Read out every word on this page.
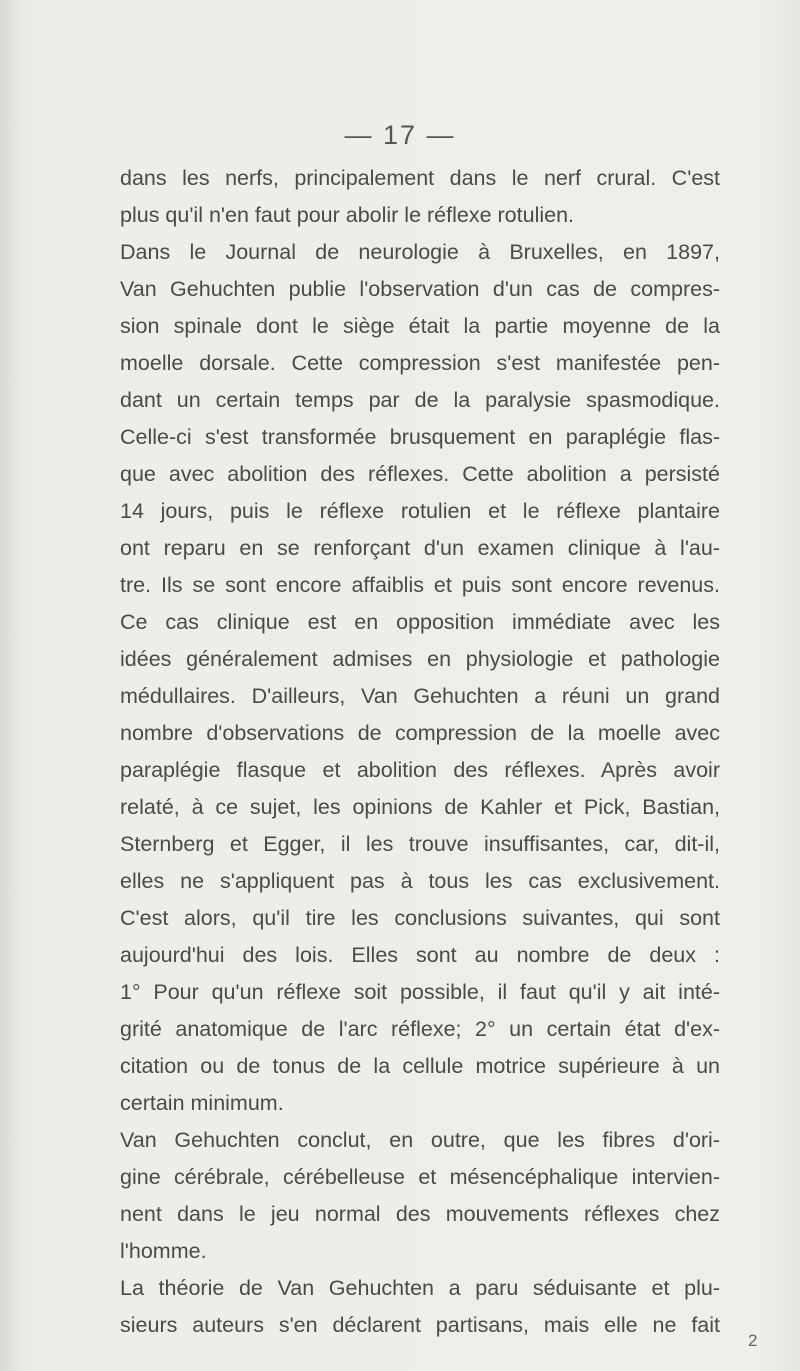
— 17 —
dans les nerfs, principalement dans le nerf crural. C'est
plus qu'il n'en faut pour abolir le réflexe rotulien.
Dans le Journal de neurologie à Bruxelles, en 1897,
Van Gehuchten publie l'observation d'un cas de compres-
sion spinale dont le siège était la partie moyenne de la
moelle dorsale. Cette compression s'est manifestée pen-
dant un certain temps par de la paralysie spasmodique.
Celle-ci s'est transformée brusquement en paraplégie flas-
que avec abolition des réflexes. Cette abolition a persisté
14 jours, puis le réflexe rotulien et le réflexe plantaire
ont reparu en se renforçant d'un examen clinique à l'au-
tre. Ils se sont encore affaiblis et puis sont encore revenus.
Ce cas clinique est en opposition immédiate avec les
idées généralement admises en physiologie et pathologie
médullaires. D'ailleurs, Van Gehuchten a réuni un grand
nombre d'observations de compression de la moelle avec
paraplégie flasque et abolition des réflexes. Après avoir
relaté, à ce sujet, les opinions de Kahler et Pick, Bastian,
Sternberg et Egger, il les trouve insuffisantes, car, dit-il,
elles ne s'appliquent pas à tous les cas exclusivement.
C'est alors, qu'il tire les conclusions suivantes, qui sont
aujourd'hui des lois. Elles sont au nombre de deux :
1° Pour qu'un réflexe soit possible, il faut qu'il y ait inté-
grité anatomique de l'arc réflexe; 2° un certain état d'ex-
citation ou de tonus de la cellule motrice supérieure à un
certain minimum.
Van Gehuchten conclut, en outre, que les fibres d'ori-
gine cérébrale, cérébelleuse et mésencéphalique intervien-
nent dans le jeu normal des mouvements réflexes chez
l'homme.
La théorie de Van Gehuchten a paru séduisante et plu-
sieurs auteurs s'en déclarent partisans, mais elle ne fait
2
